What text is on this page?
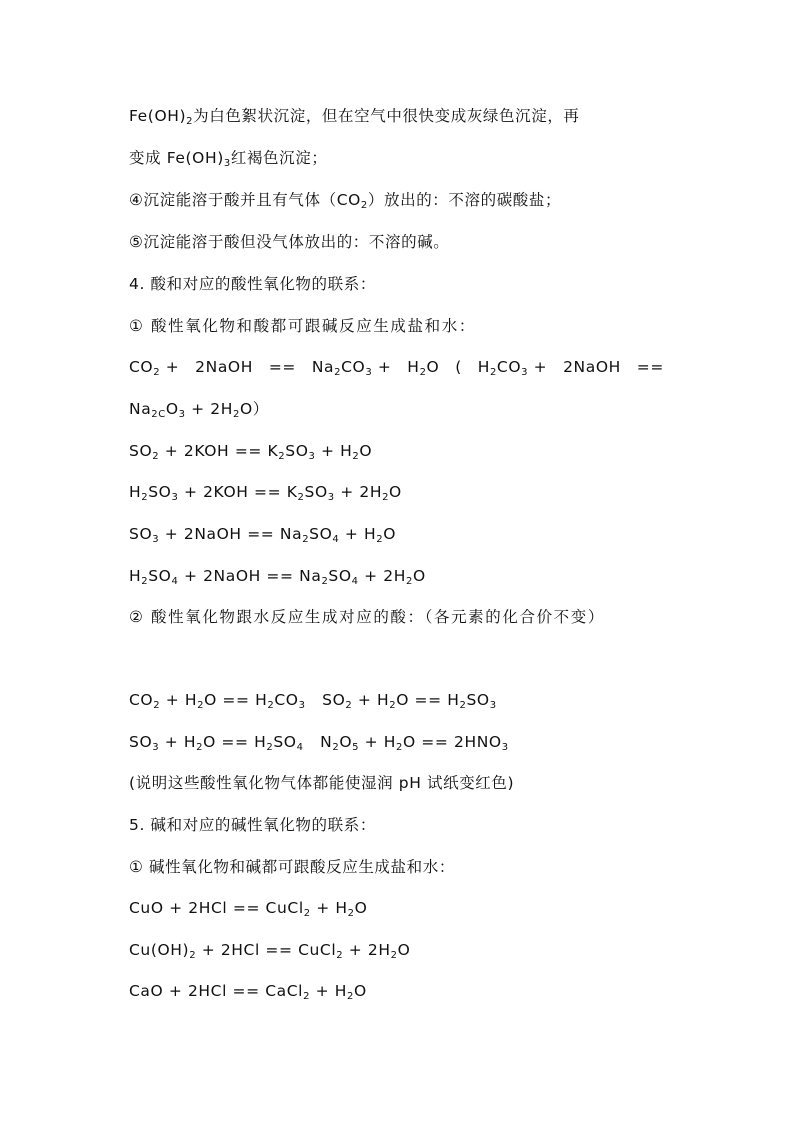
$Fe(OH)_2$为白色絮状沉淀，但在空气中很快变成灰绿色沉淀，再
变成 $Fe(OH)_3$红褐色沉淀；
④沉淀能溶于酸并且有气体$(CO_2)$放出的：不溶的碳酸盐；
⑤沉淀能溶于酸但没气体放出的：不溶的碱。
4. 酸和对应的酸性氧化物的联系：
① 酸性氧化物和酸都可跟碱反应生成盐和水：
$CO_2$ + 2NaOH == $Na_2CO_3 + H_2O$ ( $H_2CO_3$ + 2NaOH ==
$Na_{2C}O_3 + 2H_2O$）
$SO_2 + 2KOH == K_2SO_3 + H_2O$
$H_2SO_3 + 2KOH == K_2SO_3 + 2H_2O$
$SO_3$ + 2NaOH == $Na_2SO_4 + H_2O$
$H_2SO_4$ + 2NaOH == $Na_2SO_4 + 2H_2O$
② 酸性氧化物跟水反应生成对应的酸：（各元素的化合价不变）
$CO_2 + H_2O == H_2CO_3$   $SO_2 + H_2O == H_2SO_3$
$SO_3 + H_2O == H_2SO_4$   $N_2O_5 + H_2O == 2HNO_3$
(说明这些酸性氧化物气体都能使湿润 pH 试纸变红色)
5. 碱和对应的碱性氧化物的联系：
① 碱性氧化物和碱都可跟酸反应生成盐和水：
CuO + 2HCl == CuCl$_2$ + $H_2O$
$Cu(OH)_2 + 2HCl$ == CuCl$_2$ + $2H_2O$
CaO + 2HCl == CaCl$_2$ + $H_2O$
